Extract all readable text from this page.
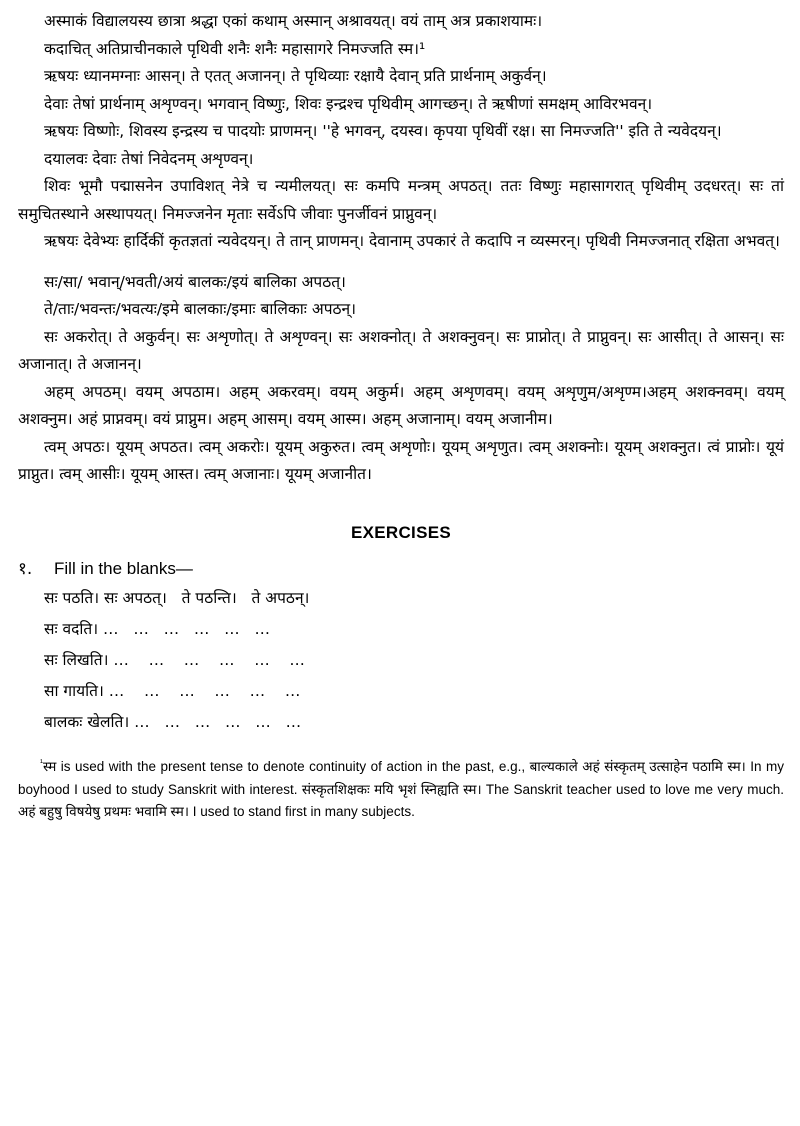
अस्माकं विद्यालयस्य छात्रा श्रद्धा एकां कथाम् अस्मान् अश्रावयत्। वयं ताम् अत्र प्रकाशयामः।

कदाचित् अतिप्राचीनकाले पृथिवी शनैः शनैः महासागरे निमज्जति स्म।¹

ऋषयः ध्यानमग्नाः आसन्। ते एतत् अजानन्। ते पृथिव्याः रक्षायै देवान् प्रति प्रार्थनाम् अकुर्वन्।

देवाः तेषां प्रार्थनाम् अशृण्वन्। भगवान् विष्णुः, शिवः इन्द्रश्च पृथिवीम् आगच्छन्। ते ऋषीणां समक्षम् आविरभवन्।

ऋषयः विष्णोः, शिवस्य इन्द्रस्य च पादयोः प्राणमन्। ''हे भगवन्, दयस्व। कृपया पृथिवीं रक्ष। सा निमज्जति'' इति ते न्यवेदयन्।

दयालवः देवाः तेषां निवेदनम् अशृण्वन्।

शिवः भूमौ पद्मासनेन उपाविशत् नेत्रे च न्यमीलयत्। सः कमपि मन्त्रम् अपठत्। ततः विष्णुः महासागरात् पृथिवीम् उदधरत्। सः तां समुचितस्थाने अस्थापयत्। निमज्जनेन मृताः सर्वेऽपि जीवाः पुनर्जीवनं प्राप्नुवन्।

ऋषयः देवेभ्यः हार्दिकीं कृतज्ञतां न्यवेदयन्। ते तान् प्राणमन्। देवानाम् उपकारं ते कदापि न व्यस्मरन्। पृथिवी निमज्जनात् रक्षिता अभवत्।

सः/सा/ भवान्/भवती/अयं बालकः/इयं बालिका अपठत्।

ते/ताः/भवन्तः/भवत्यः/इमे बालकाः/इमाः बालिकाः अपठन्।

सः अकरोत्। ते अकुर्वन्। सः अशृणोत्। ते अशृण्वन्। सः अशक्नोत्। ते अशक्नुवन्। सः प्राप्नोत्। ते प्राप्नुवन्। सः आसीत्। ते आसन्। सः अजानात्। ते अजानन्।

अहम् अपठम्। वयम् अपठाम। अहम् अकरवम्। वयम् अकुर्म। अहम् अशृणवम्। वयम् अशृणुम/अशृण्म।अहम् अशक्नवम्। वयम् अशक्नुम। अहं प्राप्नवम्। वयं प्राप्नुम। अहम् आसम्। वयम् आस्म। अहम् अजानाम्। वयम् अजानीम।

त्वम् अपठः। यूयम् अपठत। त्वम् अकरोः। यूयम् अकुरुत। त्वम् अशृणोः। यूयम् अशृणुत। त्वम् अशक्नोः। यूयम् अशक्नुत। त्वं प्राप्नोः। यूयं प्राप्नुत। त्वम् आसीः। यूयम् आस्त। त्वम् अजानाः। यूयम् अजानीत।

EXERCISES

१. Fill in the blanks—

सः पठति। सः अपठत्।   ते पठन्ति।   ते अपठन्।

सः वदति। …   …   …   …   …   …

सः लिखति। …    …    …    …    …    …

सा गायति। …    …    …    …    …    …

बालकः खेलति। …   …   …   …   …   …

$^{^1}$स्म is used with the present tense to denote continuity of action in the past, e.g., बाल्यकाले अहं संस्कृतम् उत्साहेन पठामि स्म। In my boyhood I used to study Sanskrit with interest. संस्कृतशिक्षकः मयि भृशं स्निह्यति स्म। The Sanskrit teacher used to love me very much. अहं बहुषु विषयेषु प्रथमः भवामि स्म। I used to stand first in many subjects.
